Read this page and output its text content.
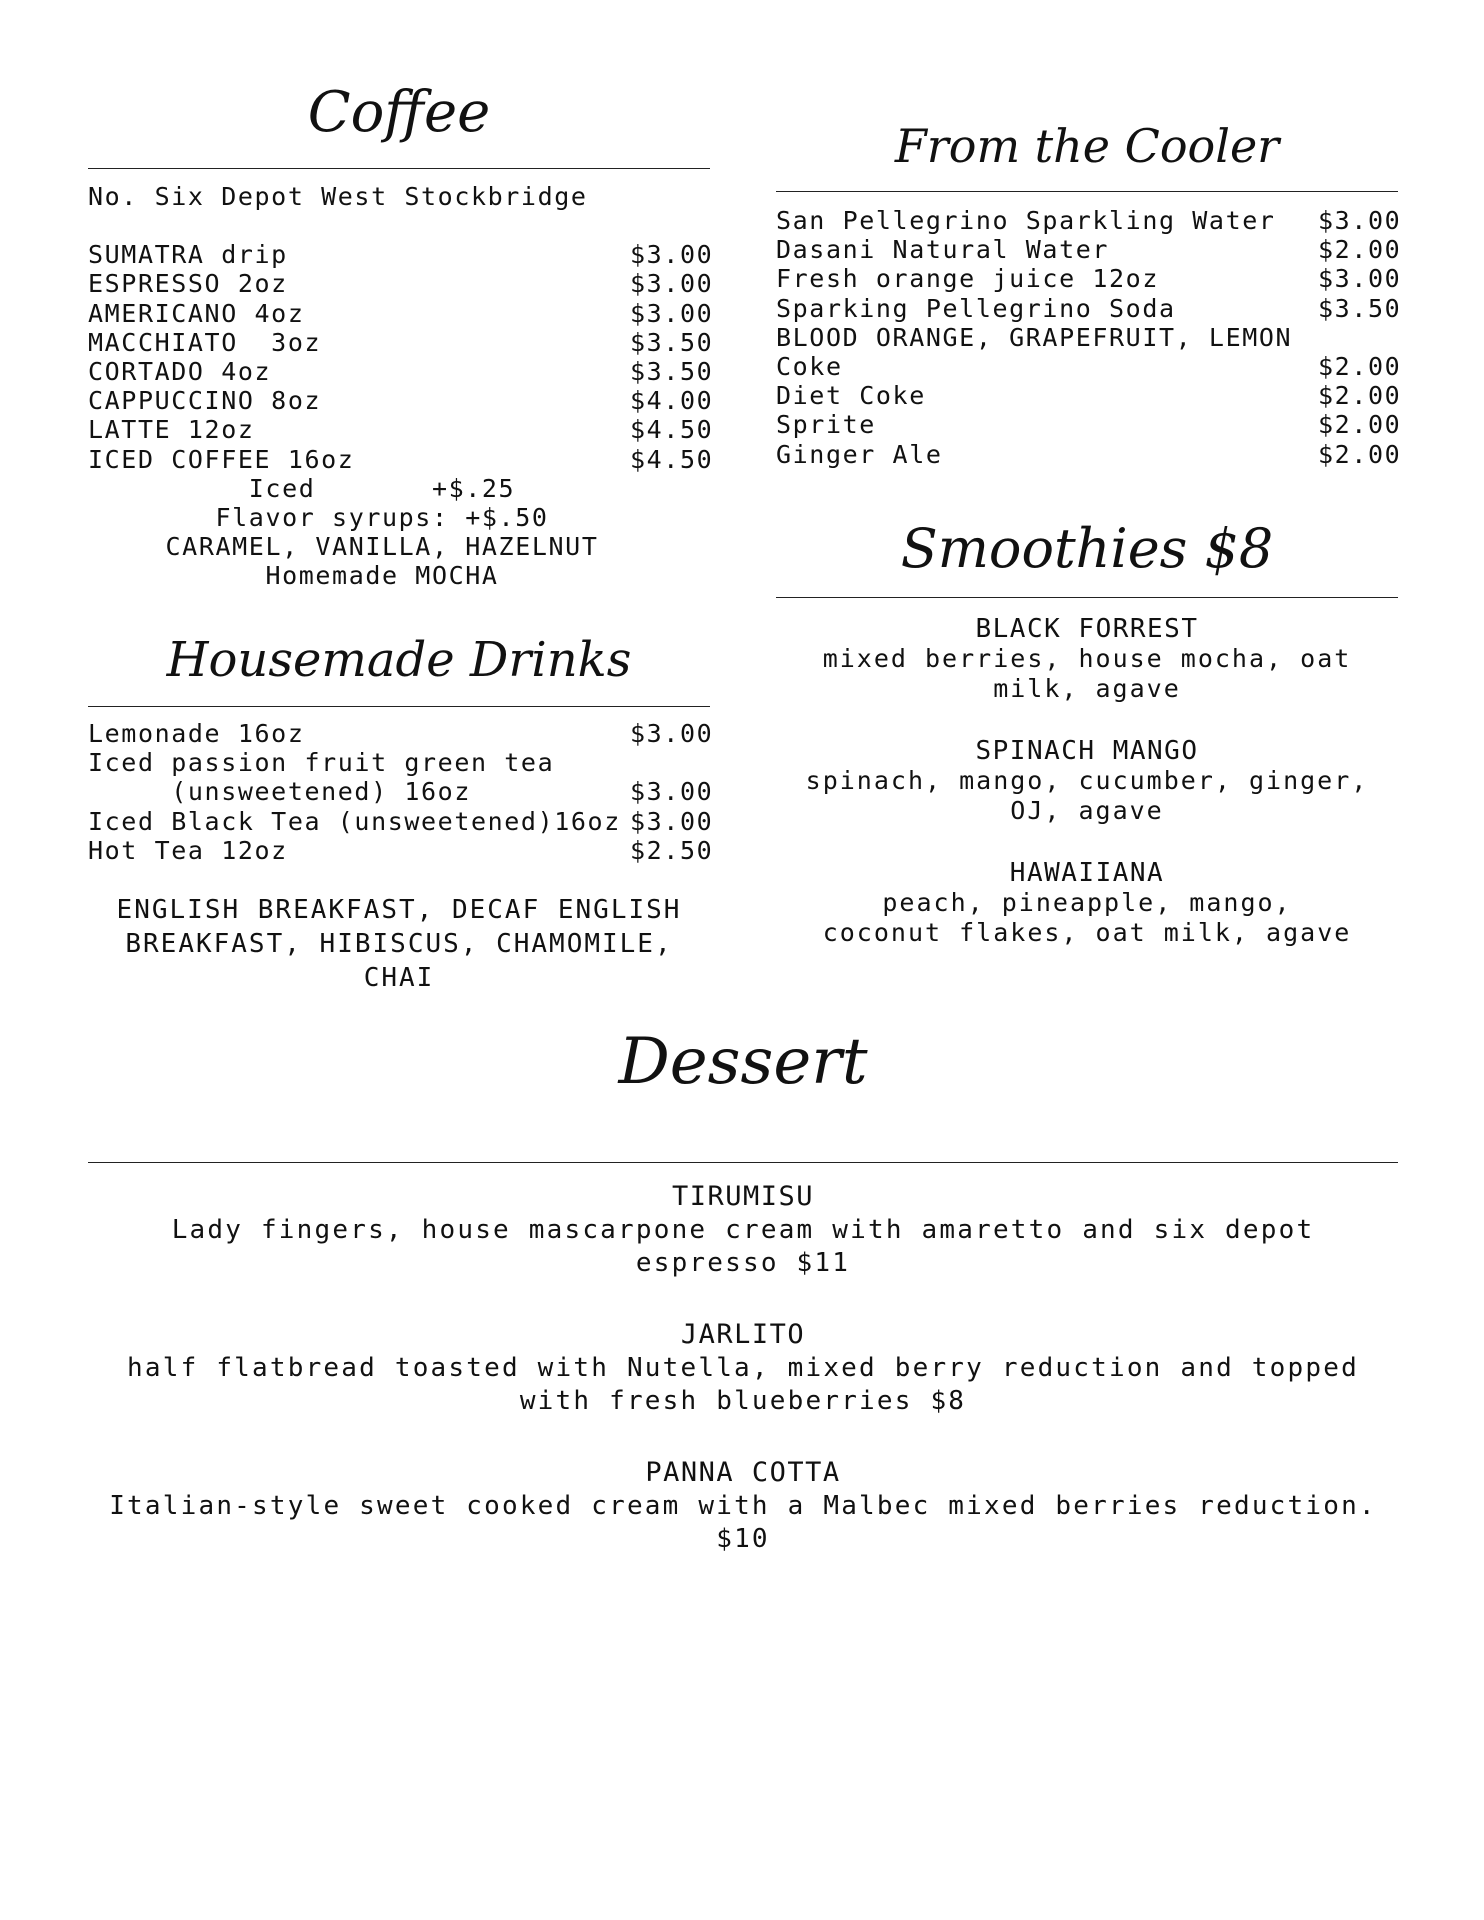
Coffee
No. Six Depot West Stockbridge
SUMATRA drip	$3.00
ESPRESSO 2oz	$3.00
AMERICANO 4oz	$3.00
MACCHIATO  3oz	$3.50
CORTADO 4oz	$3.50
CAPPUCCINO 8oz	$4.00
LATTE 12oz	$4.50
ICED COFFEE 16oz	$4.50
Iced       +$.25
Flavor syrups: +$.50
CARAMEL, VANILLA, HAZELNUT
Homemade MOCHA
Housemade Drinks
Lemonade 16oz	$3.00
Iced passion fruit green tea
(unsweetened) 16oz	$3.00
Iced Black Tea (unsweetened)16oz $3.00
Hot Tea 12oz	$2.50
ENGLISH BREAKFAST, DECAF ENGLISH BREAKFAST, HIBISCUS, CHAMOMILE, CHAI
From the Cooler
San Pellegrino Sparkling Water $3.00
Dasani Natural Water	$2.00
Fresh orange juice 12oz	$3.00
Sparking Pellegrino Soda	$3.50
BLOOD ORANGE, GRAPEFRUIT, LEMON
Coke	$2.00
Diet Coke	$2.00
Sprite	$2.00
Ginger Ale	$2.00
Smoothies $8
BLACK FORREST
mixed berries, house mocha, oat milk, agave
SPINACH MANGO
spinach, mango, cucumber, ginger, OJ, agave
HAWAIIANA
peach, pineapple, mango, coconut flakes, oat milk, agave
Dessert
TIRUMISU
Lady fingers, house mascarpone cream with amaretto and six depot espresso $11
JARLITO
half flatbread toasted with Nutella, mixed berry reduction and topped with fresh blueberries $8
PANNA COTTA
Italian-style sweet cooked cream with a Malbec mixed berries reduction. $10
